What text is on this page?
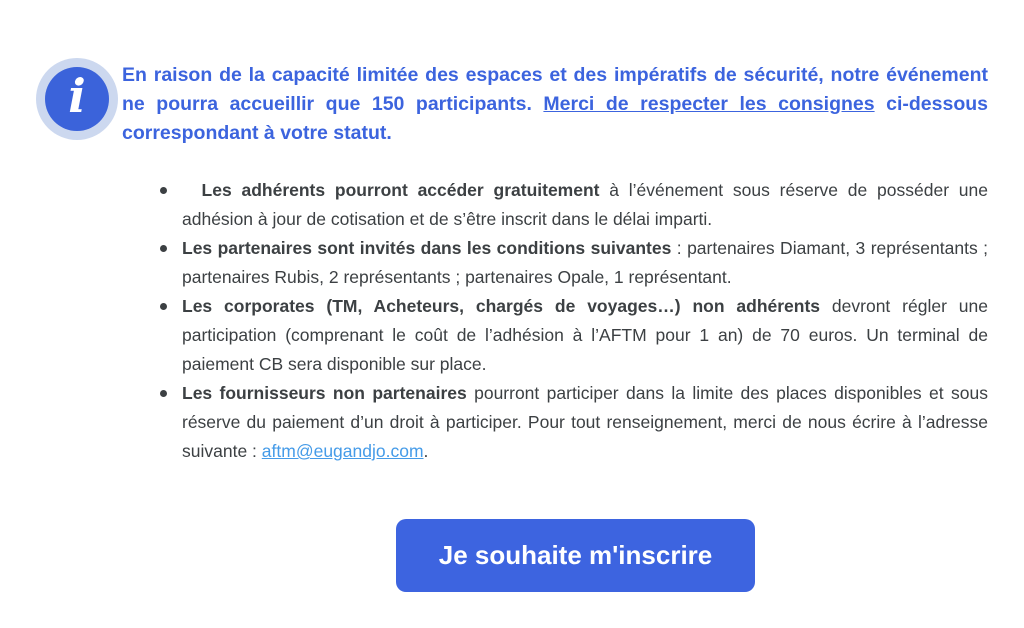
i	En raison de la capacité limitée des espaces et des impératifs de sécurité, notre événement ne pourra accueillir que 150 participants. Merci de respecter les consignes ci-dessous correspondant à votre statut.
Les adhérents pourront accéder gratuitement à l’événement sous réserve de posséder une adhésion à jour de cotisation et de s’être inscrit dans le délai imparti.
Les partenaires sont invités dans les conditions suivantes : partenaires Diamant, 3 représentants ; partenaires Rubis, 2 représentants ; partenaires Opale, 1 représentant.
Les corporates (TM, Acheteurs, chargés de voyages…) non adhérents devront régler une participation (comprenant le coût de l’adhésion à l’AFTM pour 1 an) de 70 euros. Un terminal de paiement CB sera disponible sur place.
Les fournisseurs non partenaires pourront participer dans la limite des places disponibles et sous réserve du paiement d’un droit à participer. Pour tout renseignement, merci de nous écrire à l’adresse suivante : aftm@eugandjo.com.
Je souhaite m'inscrire
